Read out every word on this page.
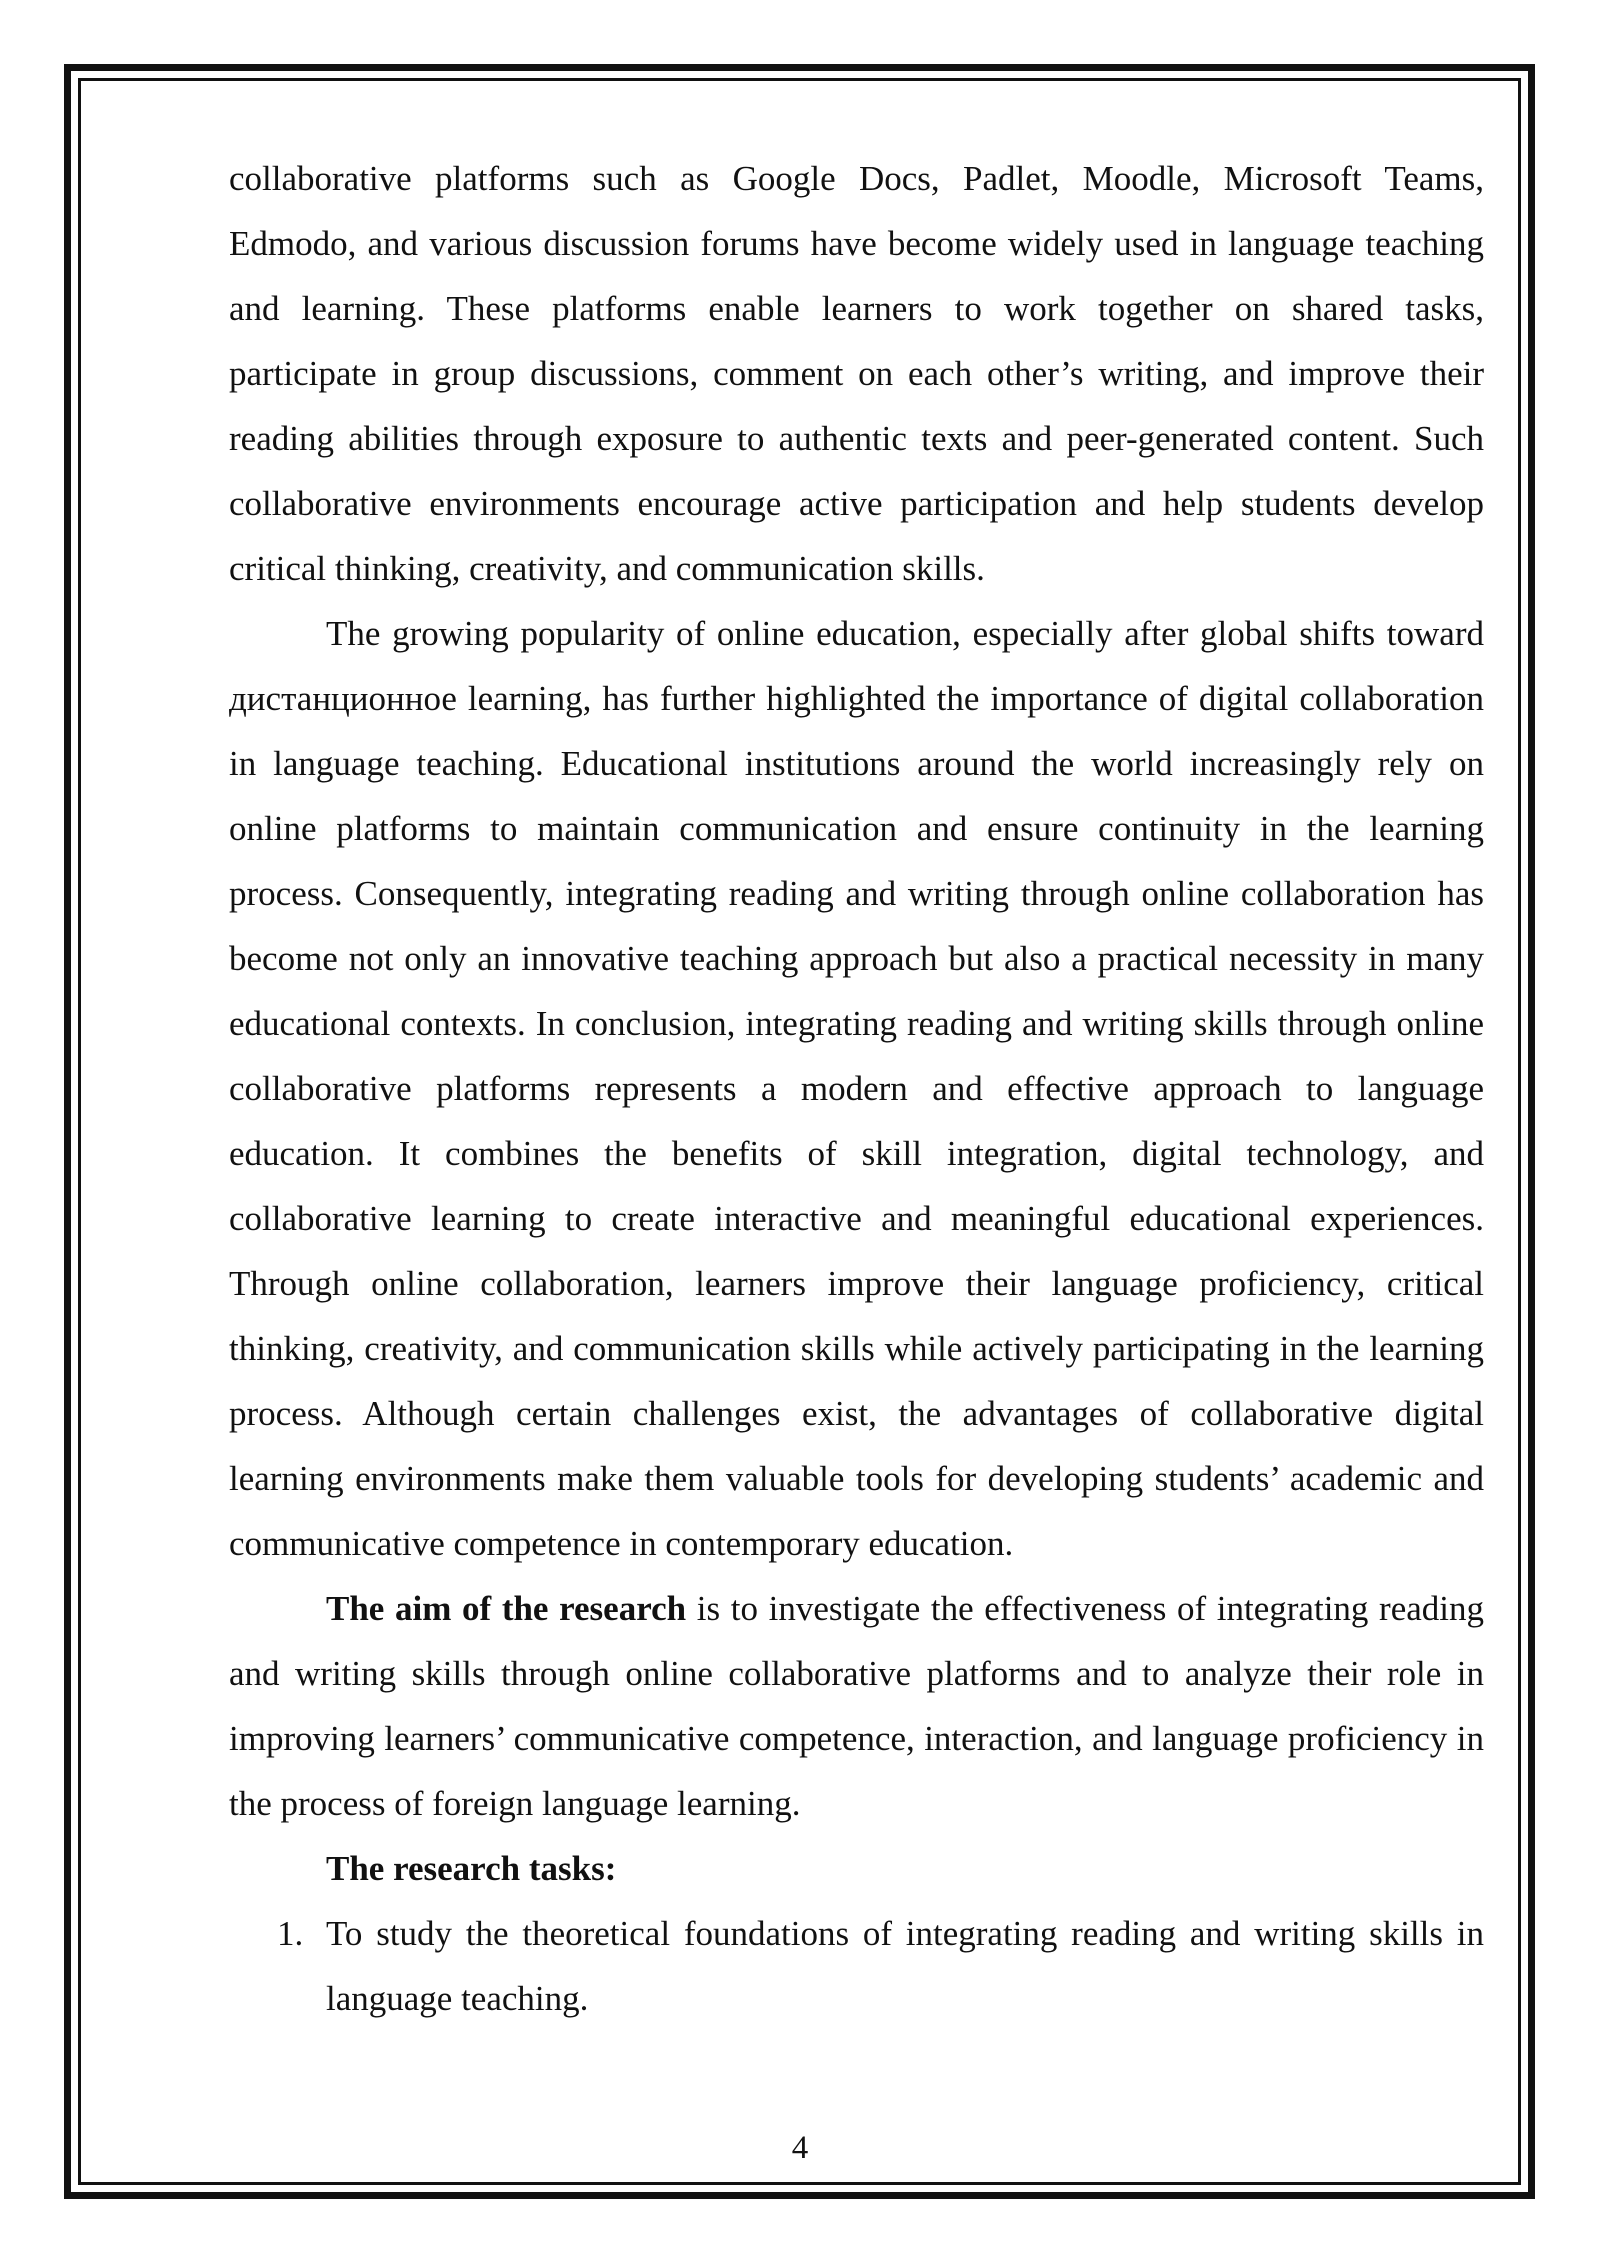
collaborative platforms such as Google Docs, Padlet, Moodle, Microsoft Teams, Edmodo, and various discussion forums have become widely used in language teaching and learning. These platforms enable learners to work together on shared tasks, participate in group discussions, comment on each other’s writing, and improve their reading abilities through exposure to authentic texts and peer-generated content. Such collaborative environments encourage active participation and help students develop critical thinking, creativity, and communication skills.

The growing popularity of online education, especially after global shifts toward дистанционное learning, has further highlighted the importance of digital collaboration in language teaching. Educational institutions around the world increasingly rely on online platforms to maintain communication and ensure continuity in the learning process. Consequently, integrating reading and writing through online collaboration has become not only an innovative teaching approach but also a practical necessity in many educational contexts. In conclusion, integrating reading and writing skills through online collaborative platforms represents a modern and effective approach to language education. It combines the benefits of skill integration, digital technology, and collaborative learning to create interactive and meaningful educational experiences. Through online collaboration, learners improve their language proficiency, critical thinking, creativity, and communication skills while actively participating in the learning process. Although certain challenges exist, the advantages of collaborative digital learning environments make them valuable tools for developing students’ academic and communicative competence in contemporary education.

The aim of the research is to investigate the effectiveness of integrating reading and writing skills through online collaborative platforms and to analyze their role in improving learners’ communicative competence, interaction, and language proficiency in the process of foreign language learning.

The research tasks:

1. To study the theoretical foundations of integrating reading and writing skills in language teaching.
4
